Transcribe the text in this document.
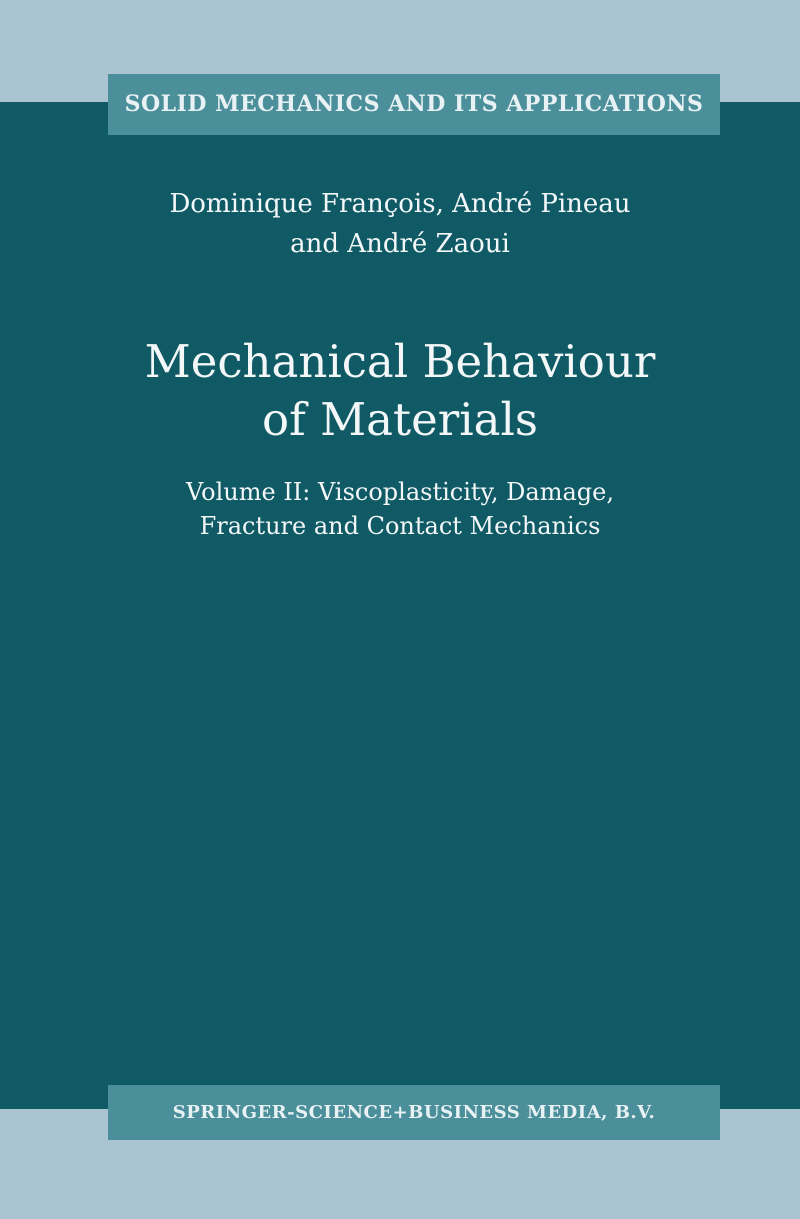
SOLID MECHANICS AND ITS APPLICATIONS
Dominique François, André Pineau
and André Zaoui
Mechanical Behaviour
of Materials
Volume II: Viscoplasticity, Damage,
Fracture and Contact Mechanics
SPRINGER-SCIENCE+BUSINESS MEDIA, B.V.
